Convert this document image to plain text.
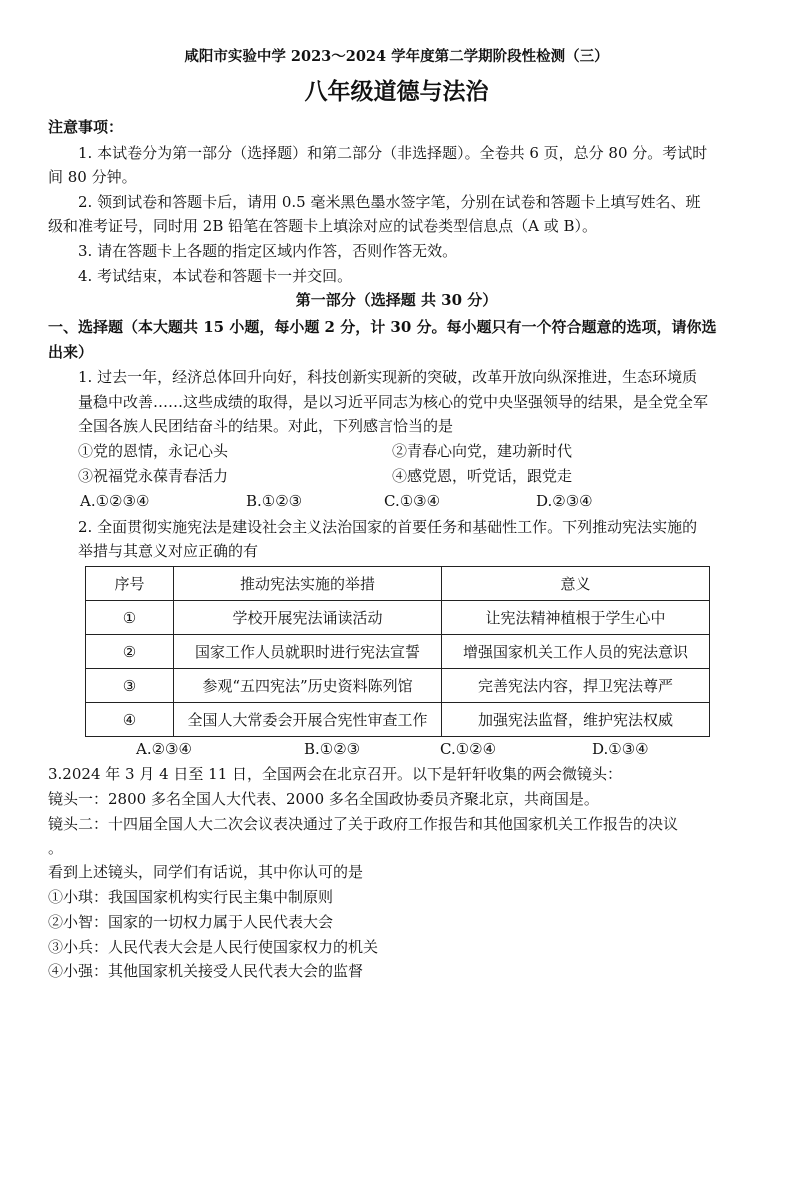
咸阳市实验中学 2023～2024 学年度第二学期阶段性检测（三）
八年级道德与法治
注意事项：
1. 本试卷分为第一部分（选择题）和第二部分（非选择题）。全卷共 6 页，总分 80 分。考试时
间 80 分钟。
2. 领到试卷和答题卡后，请用 0.5 毫米黑色墨水签字笔，分别在试卷和答题卡上填写姓名、班
级和准考证号，同时用 2B 铅笔在答题卡上填涂对应的试卷类型信息点（A 或 B）。
3. 请在答题卡上各题的指定区域内作答，否则作答无效。
4. 考试结束，本试卷和答题卡一并交回。
第一部分（选择题 共 30 分）
一、选择题（本大题共 15 小题，每小题 2 分，计 30 分。每小题只有一个符合题意的选项，请你选
出来）
1. 过去一年，经济总体回升向好，科技创新实现新的突破，改革开放向纵深推进，生态环境质
量稳中改善……这些成绩的取得，是以习近平同志为核心的党中央坚强领导的结果，是全党全军
全国各族人民团结奋斗的结果。对此，下列感言恰当的是
①党的恩情，永记心头	②青春心向党，建功新时代
③祝福党永葆青春活力	④感党恩，听党话，跟党走
A.①②③④	B.①②③	C.①③④	D.②③④
2. 全面贯彻实施宪法是建设社会主义法治国家的首要任务和基础性工作。下列推动宪法实施的
举措与其意义对应正确的有
序号	推动宪法实施的举措	意义
①	学校开展宪法诵读活动	让宪法精神植根于学生心中
②	国家工作人员就职时进行宪法宣誓	增强国家机关工作人员的宪法意识
③	参观“五四宪法”历史资料陈列馆	完善宪法内容，捍卫宪法尊严
④	全国人大常委会开展合宪性审查工作	加强宪法监督，维护宪法权威
A.②③④	B.①②③	C.①②④	D.①③④
3.2024 年 3 月 4 日至 11 日，全国两会在北京召开。以下是轩轩收集的两会微镜头：
镜头一：2800 多名全国人大代表、2000 多名全国政协委员齐聚北京，共商国是。
镜头二：十四届全国人大二次会议表决通过了关于政府工作报告和其他国家机关工作报告的决议
。
看到上述镜头，同学们有话说，其中你认可的是
①小琪：我国国家机构实行民主集中制原则
②小智：国家的一切权力属于人民代表大会
③小兵：人民代表大会是人民行使国家权力的机关
④小强：其他国家机关接受人民代表大会的监督
